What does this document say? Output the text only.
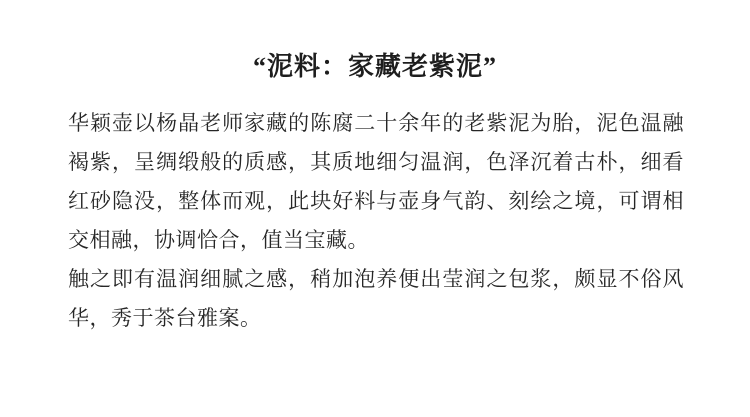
“泥料：家藏老紫泥”

华颖壶以杨晶老师家藏的陈腐二十余年的老紫泥为胎，泥色温融褐紫，呈绸缎般的质感，其质地细匀温润，色泽沉着古朴，细看红砂隐没，整体而观，此块好料与壶身气韵、刻绘之境，可谓相交相融，协调恰合，值当宝藏。

触之即有温润细腻之感，稍加泡养便出莹润之包浆，颇显不俗风华，秀于茶台雅案。
